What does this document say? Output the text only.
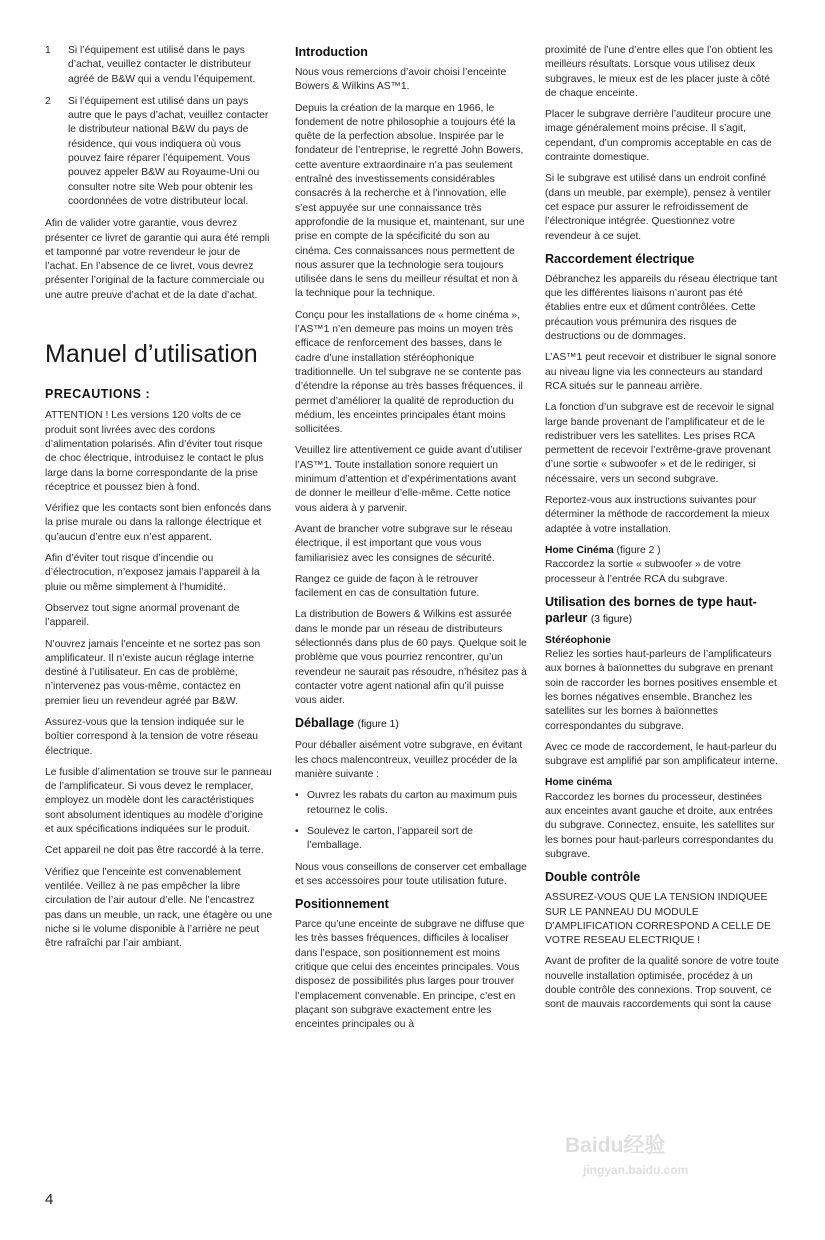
1	Si l’équipement est utilisé dans le pays d’achat, veuillez contacter le distributeur agréé de B&W qui a vendu l’équipement.
2	Si l’équipement est utilisé dans un pays autre que le pays d’achat, veuillez contacter le distributeur national B&W du pays de résidence, qui vous indiquera où vous pouvez faire réparer l’équipement. Vous pouvez appeler B&W au Royaume-Uni ou consulter notre site Web pour obtenir les coordonnées de votre distributeur local.

Afin de valider votre garantie, vous devrez présenter ce livret de garantie qui aura été rempli et tamponné par votre revendeur le jour de l’achat. En l’absence de ce livret, vous devrez présenter l’original de la facture commerciale ou une autre preuve d’achat et de la date d’achat.

Manuel d’utilisation
PRECAUTIONS :

ATTENTION ! Les versions 120 volts de ce produit sont livrées avec des cordons d’alimentation polarisés. Afin d’éviter tout risque de choc électrique, introduisez le contact le plus large dans la borne correspondante de la prise réceptrice et poussez bien à fond.

Vérifiez que les contacts sont bien enfoncés dans la prise murale ou dans la rallonge électrique et qu’aucun d’entre eux n’est apparent.

Afin d’éviter tout risque d’incendie ou d’électrocution, n’exposez jamais l’appareil à la pluie ou même simplement à l’humidité.

Observez tout signe anormal provenant de l’appareil.

N’ouvrez jamais l’enceinte et ne sortez pas son amplificateur. Il n’existe aucun réglage interne destiné à l’utilisateur. En cas de problème, n’intervenez pas vous-même, contactez en premier lieu un revendeur agréé par B&W.

Assurez-vous que la tension indiquée sur le boîtier correspond à la tension de votre réseau électrique.

Le fusible d’alimentation se trouve sur le panneau de l’amplificateur. Si vous devez le remplacer, employez un modèle dont les caractéristiques sont absolument identiques au modèle d’origine et aux spécifications indiquées sur le produit.

Cet appareil ne doit pas être raccordé à la terre.

Vérifiez que l’enceinte est convenablement ventilée. Veillez à ne pas empêcher la libre circulation de l’air autour d’elle. Ne l’encastrez pas dans un meuble, un rack, une étagère ou une niche si le volume disponible à l’arrière ne peut être rafraîchi par l’air ambiant.

Introduction

Nous vous remercions d’avoir choisi l’enceinte Bowers & Wilkins AS™1.

Depuis la création de la marque en 1966, le fondement de notre philosophie a toujours été la quête de la perfection absolue. Inspirée par le fondateur de l’entreprise, le regretté John Bowers, cette aventure extraordinaire n’a pas seulement entraîné des investissements considérables consacrés à la recherche et à l’innovation, elle s’est appuyée sur une connaissance très approfondie de la musique et, maintenant, sur une prise en compte de la spécificité du son au cinéma. Ces connaissances nous permettent de nous assurer que la technologie sera toujours utilisée dans le sens du meilleur résultat et non à la technique pour la technique.

Conçu pour les installations de « home cinéma », l’AS™1 n’en demeure pas moins un moyen très efficace de renforcement des basses, dans le cadre d’une installation stéréophonique traditionnelle. Un tel subgrave ne se contente pas d’étendre la réponse au très basses fréquences, il permet d’améliorer la qualité de reproduction du médium, les enceintes principales étant moins sollicitées.

Veuillez lire attentivement ce guide avant d’utiliser l’AS™1. Toute installation sonore requiert un minimum d’attention et d’expérimentations avant de donner le meilleur d’elle-même. Cette notice vous aidera à y parvenir.

Avant de brancher votre subgrave sur le réseau électrique, il est important que vous vous familiarisiez avec les consignes de sécurité.

Rangez ce guide de façon à le retrouver facilement en cas de consultation future.

La distribution de Bowers & Wilkins est assurée dans le monde par un réseau de distributeurs sélectionnés dans plus de 60 pays. Quelque soit le problème que vous pourriez rencontrer, qu’un revendeur ne saurait pas résoudre, n’hésitez pas à contacter votre agent national afin qu’il puisse vous aider.

Déballage (figure 1)

Pour déballer aisément votre subgrave, en évitant les chocs malencontreux, veuillez procéder de la manière suivante :

• Ouvrez les rabats du carton au maximum puis retournez le colis.
• Soulevez le carton, l’appareil sort de l’emballage.

Nous vous conseillons de conserver cet emballage et ses accessoires pour toute utilisation future.

Positionnement

Parce qu’une enceinte de subgrave ne diffuse que les très basses fréquences, difficiles à localiser dans l’espace, son positionnement est moins critique que celui des enceintes principales. Vous disposez de possibilités plus larges pour trouver l’emplacement convenable. En principe, c’est en plaçant son subgrave exactement entre les enceintes principales ou à

proximité de l’une d’entre elles que l’on obtient les meilleurs résultats. Lorsque vous utilisez deux subgraves, le mieux est de les placer juste à côté de chaque enceinte.

Placer le subgrave derrière l’auditeur procure une image généralement moins précise. Il s’agit, cependant, d’un compromis acceptable en cas de contrainte domestique.

Si le subgrave est utilisé dans un endroit confiné (dans un meuble, par exemple), pensez à ventiler cet espace pur assurer le refroidissement de l’électronique intégrée. Questionnez votre revendeur à ce sujet.

Raccordement électrique

Débranchez les appareils du réseau électrique tant que les différentes liaisons n’auront pas été établies entre eux et dûment contrôlées. Cette précaution vous prémunira des risques de destructions ou de dommages.

L’AS™1 peut recevoir et distribuer le signal sonore au niveau ligne via les connecteurs au standard RCA situés sur le panneau arrière.

La fonction d’un subgrave est de recevoir le signal large bande provenant de l’amplificateur et de le redistribuer vers les satellites. Les prises RCA permettent de recevoir l’extrême-grave provenant d’une sortie « subwoofer » et de le rediriger, si nécessaire, vers un second subgrave.

Reportez-vous aux instructions suivantes pour déterminer la méthode de raccordement la mieux adaptée à votre installation.

Home Cinéma (figure 2 )
Raccordez la sortie « subwoofer » de votre processeur à l’entrée RCA du subgrave.

Utilisation des bornes de type haut-parleur (3 figure)

Stéréophonie
Reliez les sorties haut-parleurs de l’amplificateurs aux bornes à baïonnettes du subgrave en prenant soin de raccorder les bornes positives ensemble et les bornes négatives ensemble. Branchez les satellites sur les bornes à baïonnettes correspondantes du subgrave.

Avec ce mode de raccordement, le haut-parleur du subgrave est amplifié par son amplificateur interne.

Home cinéma
Raccordez les bornes du processeur, destinées aux enceintes avant gauche et droite, aux entrées du subgrave. Connectez, ensuite, les satellites sur les bornes pour haut-parleurs correspondantes du subgrave.

Double contrôle

ASSUREZ-VOUS QUE LA TENSION INDIQUEE SUR LE PANNEAU DU MODULE D’AMPLIFICATION CORRESPOND A CELLE DE VOTRE RESEAU ELECTRIQUE !

Avant de profiter de la qualité sonore de votre toute nouvelle installation optimisée, procédez à un double contrôle des connexions. Trop souvent, ce sont de mauvais raccordements qui sont la cause

4
Baidu经验
jingyan.baidu.com
